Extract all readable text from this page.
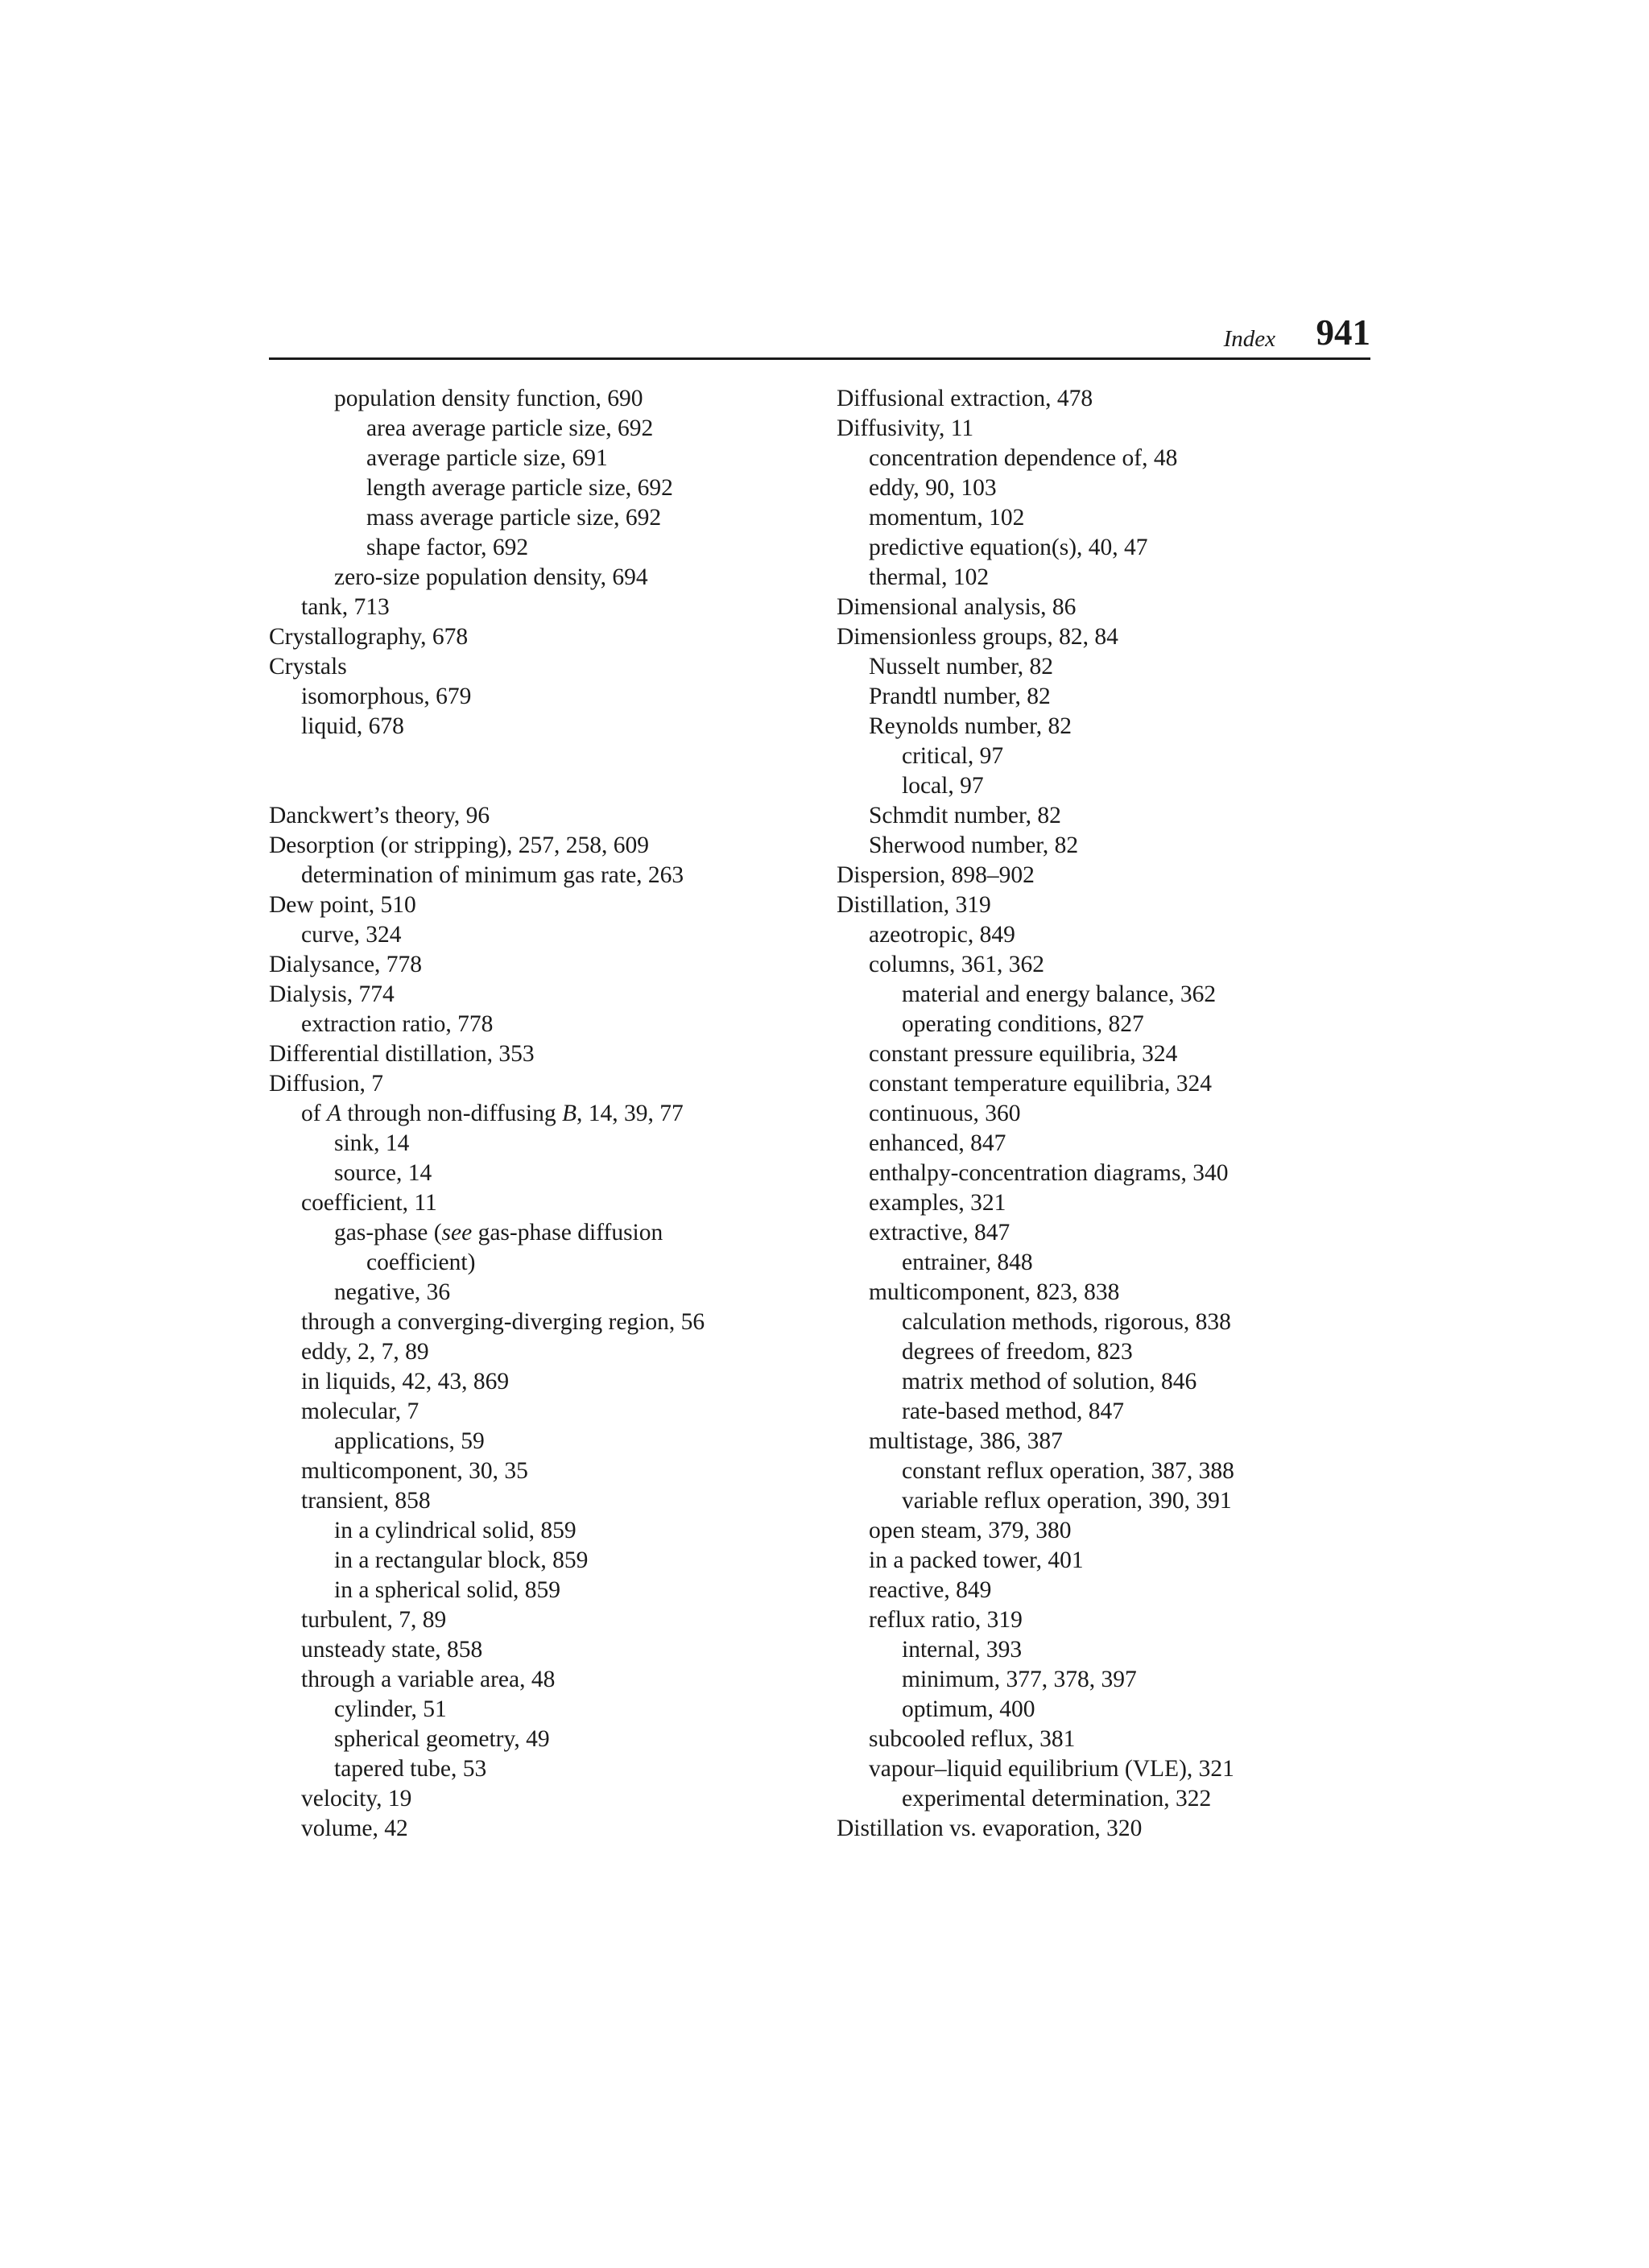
Index 941
population density function, 690
area average particle size, 692
average particle size, 691
length average particle size, 692
mass average particle size, 692
shape factor, 692
zero-size population density, 694
tank, 713
Crystallography, 678
Crystals
isomorphous, 679
liquid, 678
Danckwert’s theory, 96
Desorption (or stripping), 257, 258, 609
determination of minimum gas rate, 263
Dew point, 510
curve, 324
Dialysance, 778
Dialysis, 774
extraction ratio, 778
Differential distillation, 353
Diffusion, 7
of A through non-diffusing B, 14, 39, 77
sink, 14
source, 14
coefficient, 11
gas-phase (see gas-phase diffusion
coefficient)
negative, 36
through a converging-diverging region, 56
eddy, 2, 7, 89
in liquids, 42, 43, 869
molecular, 7
applications, 59
multicomponent, 30, 35
transient, 858
in a cylindrical solid, 859
in a rectangular block, 859
in a spherical solid, 859
turbulent, 7, 89
unsteady state, 858
through a variable area, 48
cylinder, 51
spherical geometry, 49
tapered tube, 53
velocity, 19
volume, 42
Diffusional extraction, 478
Diffusivity, 11
concentration dependence of, 48
eddy, 90, 103
momentum, 102
predictive equation(s), 40, 47
thermal, 102
Dimensional analysis, 86
Dimensionless groups, 82, 84
Nusselt number, 82
Prandtl number, 82
Reynolds number, 82
critical, 97
local, 97
Schmdit number, 82
Sherwood number, 82
Dispersion, 898–902
Distillation, 319
azeotropic, 849
columns, 361, 362
material and energy balance, 362
operating conditions, 827
constant pressure equilibria, 324
constant temperature equilibria, 324
continuous, 360
enhanced, 847
enthalpy-concentration diagrams, 340
examples, 321
extractive, 847
entrainer, 848
multicomponent, 823, 838
calculation methods, rigorous, 838
degrees of freedom, 823
matrix method of solution, 846
rate-based method, 847
multistage, 386, 387
constant reflux operation, 387, 388
variable reflux operation, 390, 391
open steam, 379, 380
in a packed tower, 401
reactive, 849
reflux ratio, 319
internal, 393
minimum, 377, 378, 397
optimum, 400
subcooled reflux, 381
vapour–liquid equilibrium (VLE), 321
experimental determination, 322
Distillation vs. evaporation, 320
